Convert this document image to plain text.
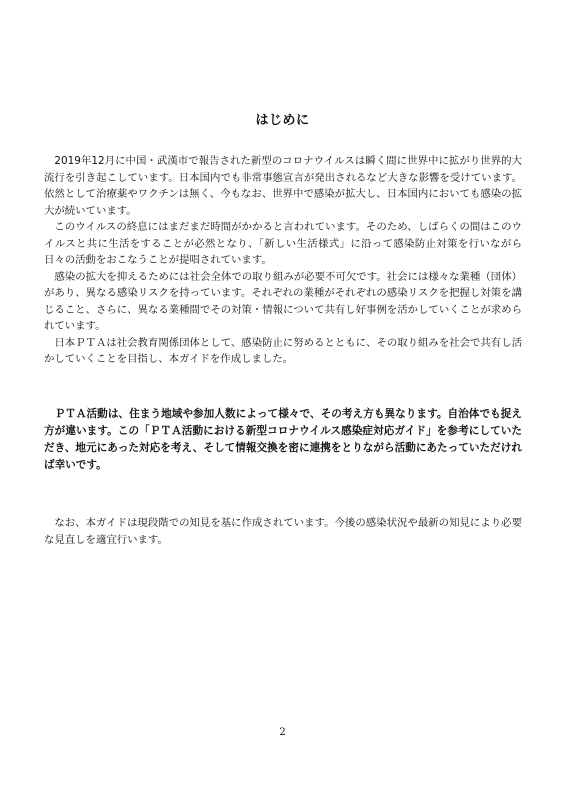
はじめに

2019年12月に中国・武漢市で報告された新型のコロナウイルスは瞬く間に世界中に拡がり世界的大流行を引き起こしています。日本国内でも非常事態宣言が発出されるなど大きな影響を受けています。依然として治療薬やワクチンは無く、今もなお、世界中で感染が拡大し、日本国内においても感染の拡大が続いています。

このウイルスの終息にはまだまだ時間がかかると言われています。そのため、しばらくの間はこのウイルスと共に生活をすることが必然となり、「新しい生活様式」に沿って感染防止対策を行いながら日々の活動をおこなうことが提唱されています。

感染の拡大を抑えるためには社会全体での取り組みが必要不可欠です。社会には様々な業種（団体）があり、異なる感染リスクを持っています。それぞれの業種がそれぞれの感染リスクを把握し対策を講じること、さらに、異なる業種間でその対策・情報について共有し好事例を活かしていくことが求められています。

日本ＰＴＡは社会教育関係団体として、感染防止に努めるとともに、その取り組みを社会で共有し活かしていくことを目指し、本ガイドを作成しました。

ＰＴＡ活動は、住まう地域や参加人数によって様々で、その考え方も異なります。自治体でも捉え方が違います。この「ＰＴＡ活動における新型コロナウイルス感染症対応ガイド」を参考にしていただき、地元にあった対応を考え、そして情報交換を密に連携をとりながら活動にあたっていただければ幸いです。

なお、本ガイドは現段階での知見を基に作成されています。今後の感染状況や最新の知見により必要な見直しを適宜行います。

2
